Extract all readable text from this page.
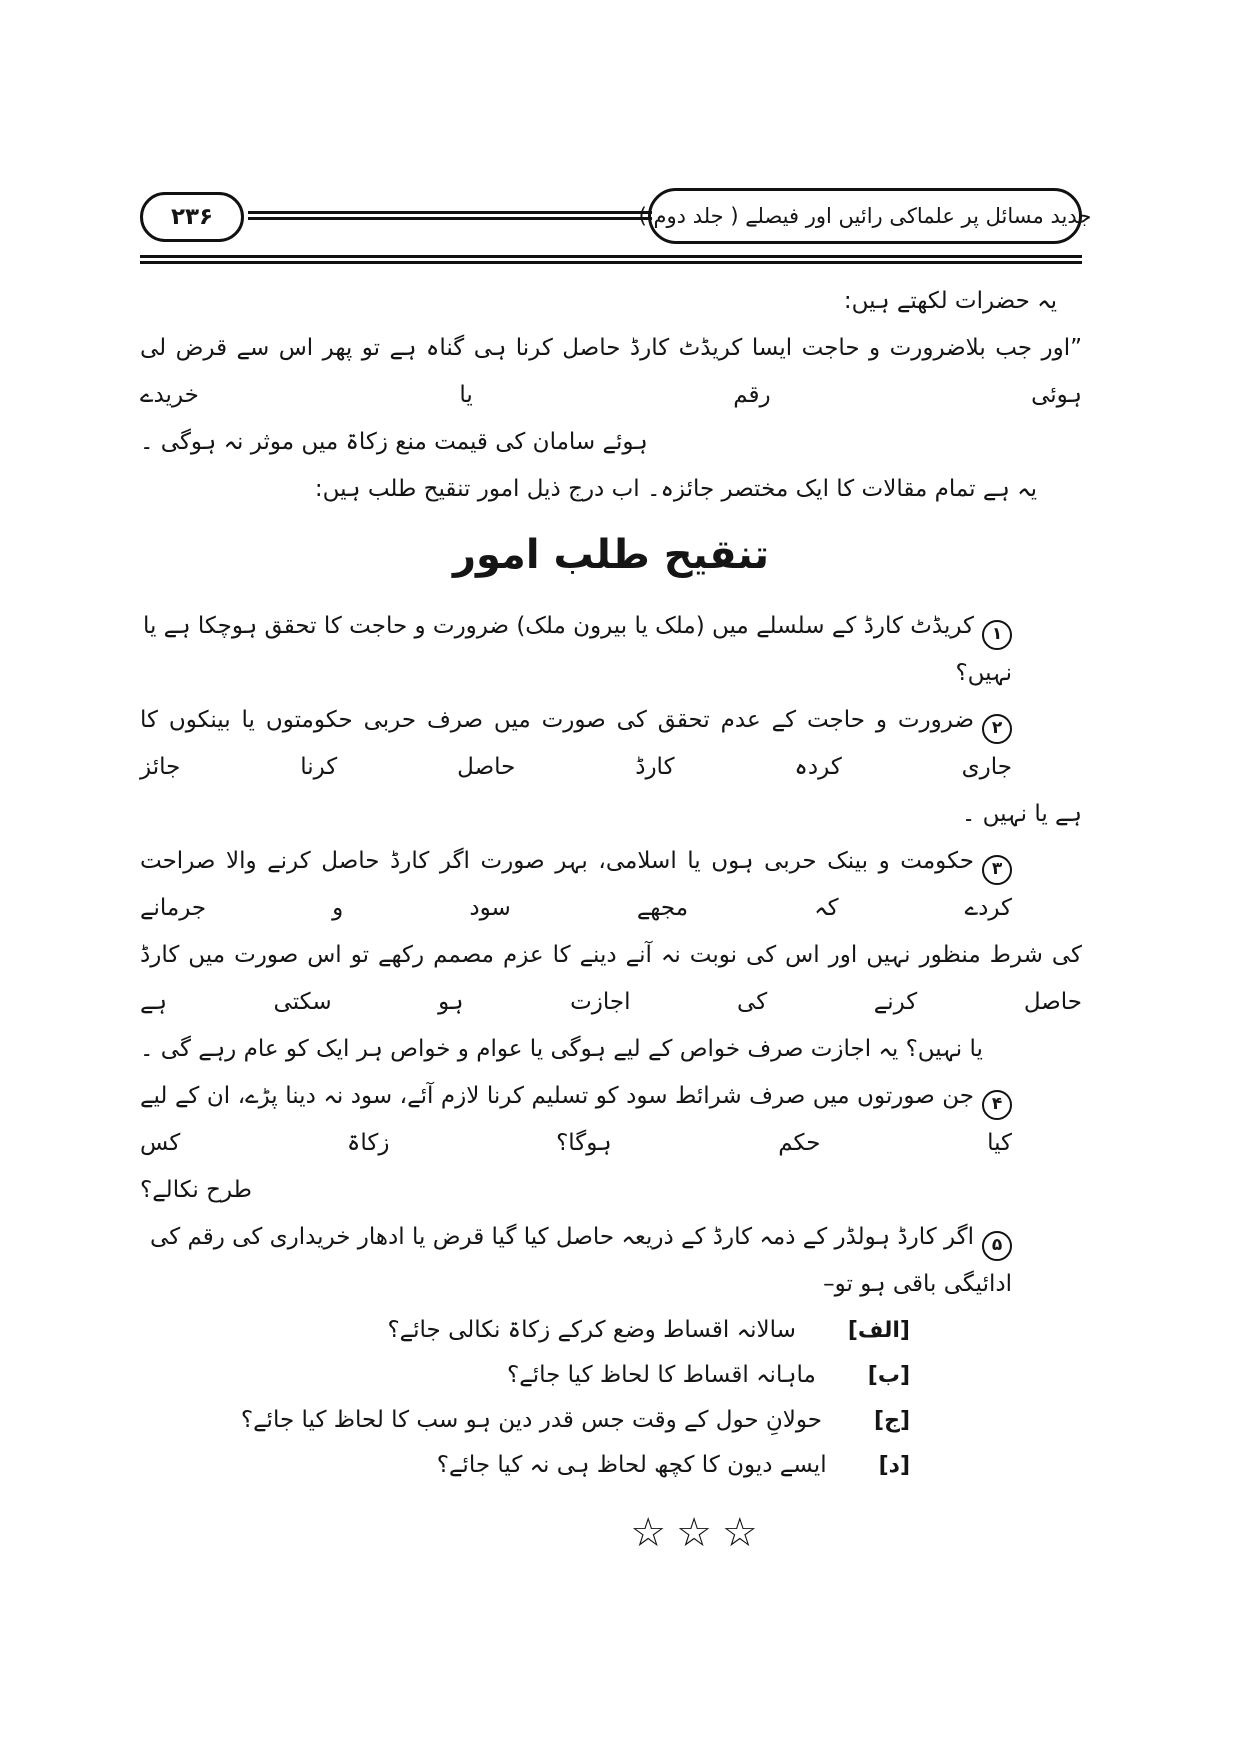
جدید مسائل پر علماکی رائیں اور فیصلے ( جلد دوم )
۲۳۶
یہ حضرات لکھتے ہیں:
”اور جب بلاضرورت و حاجت ایسا کریڈٹ کارڈ حاصل کرنا ہی گناہ ہے تو پھر اس سے قرض لی ہوئی رقم یا خریدے
ہوئے سامان کی قیمت منع زکاۃ میں موثر نہ ہوگی ۔
یہ ہے تمام مقالات کا ایک مختصر جائزہ۔ اب درج ذیل امور تنقیح طلب ہیں:
تنقیح طلب امور
۱کریڈٹ کارڈ کے سلسلے میں (ملک یا بیرون ملک) ضرورت و حاجت کا تحقق ہوچکا ہے یا نہیں؟
۲ضرورت و حاجت کے عدم تحقق کی صورت میں صرف حربی حکومتوں یا بینکوں کا جاری کردہ کارڈ حاصل کرنا جائز
ہے یا نہیں ۔
۳حکومت و بینک حربی ہوں یا اسلامی، بہر صورت اگر کارڈ حاصل کرنے والا صراحت کردے کہ مجھے سود و جرمانے
کی شرط منظور نہیں اور اس کی نوبت نہ آنے دینے کا عزم مصمم رکھے تو اس صورت میں کارڈ حاصل کرنے کی اجازت ہو سکتی ہے
یا نہیں؟ یہ اجازت صرف خواص کے لیے ہوگی یا عوام و خواص ہر ایک کو عام رہے گی ۔
۴جن صورتوں میں صرف شرائط سود کو تسلیم کرنا لازم آئے، سود نہ دینا پڑے، ان کے لیے کیا حکم ہوگا؟ زکاۃ کس
طرح نکالے؟
۵اگر کارڈ ہولڈر کے ذمہ کارڈ کے ذریعہ حاصل کیا گیا قرض یا ادھار خریداری کی رقم کی ادائیگی باقی ہو تو–
[الف]
سالانہ اقساط وضع کرکے زکاۃ نکالی جائے؟
[ب]
ماہانہ اقساط کا لحاظ کیا جائے؟
[ج]
حولانِ حول کے وقت جس قدر دین ہو سب کا لحاظ کیا جائے؟
[د]
ایسے دیون کا کچھ لحاظ ہی نہ کیا جائے؟
☆☆☆
